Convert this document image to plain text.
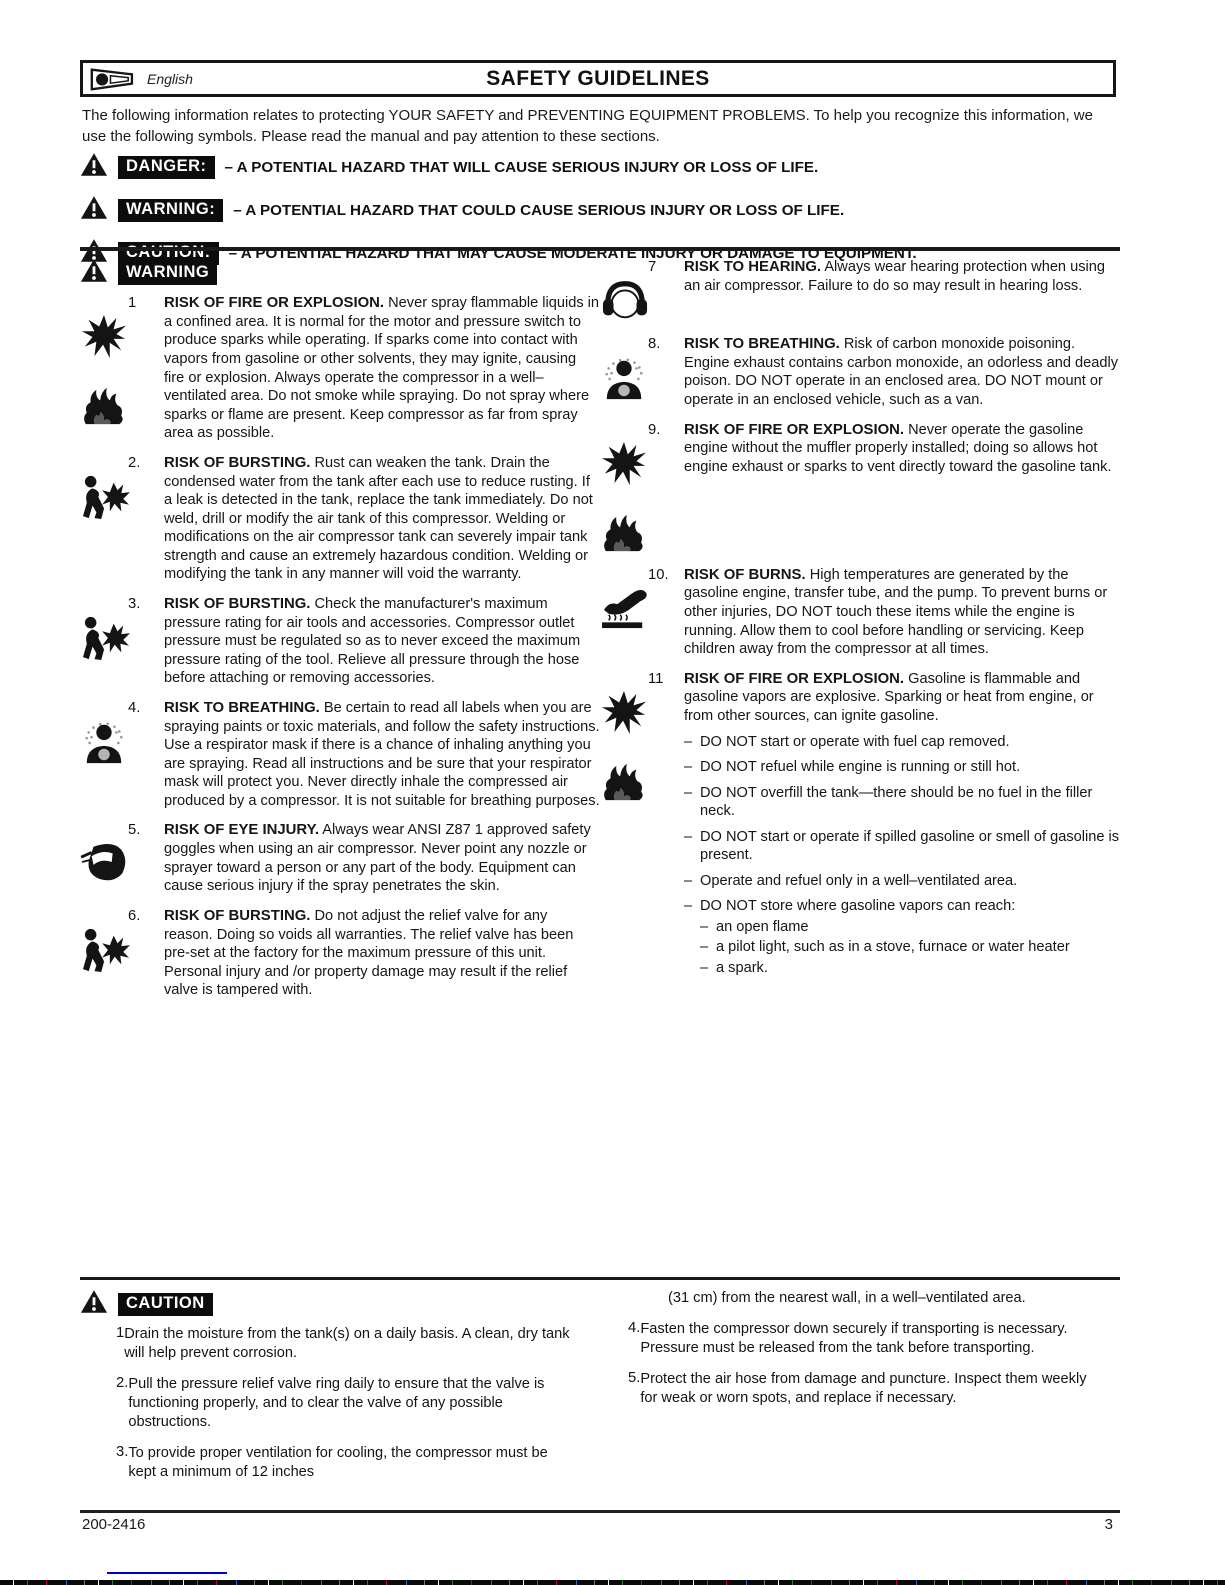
English	SAFETY GUIDELINES
The following information relates to protecting YOUR SAFETY and PREVENTING EQUIPMENT PROBLEMS. To help you recognize this information, we use the following symbols. Please read the manual and pay attention to these sections.
DANGER:	– A POTENTIAL HAZARD THAT WILL CAUSE SERIOUS INJURY OR LOSS OF LIFE.
WARNING:	– A POTENTIAL HAZARD THAT COULD CAUSE SERIOUS INJURY OR LOSS OF LIFE.
CAUTION:	– A POTENTIAL HAZARD THAT MAY CAUSE MODERATE INJURY OR DAMAGE TO EQUIPMENT.
WARNING
1	RISK OF FIRE OR EXPLOSION. Never spray flammable liquids in a confined area. It is normal for the motor and pressure switch to produce sparks while operating. If sparks come into contact with vapors from gasoline or other solvents, they may ignite, causing fire or explosion. Always operate the compressor in a well–ventilated area. Do not smoke while spraying. Do not spray where sparks or flame are present. Keep compressor as far from spray area as possible.
2.	RISK OF BURSTING. Rust can weaken the tank. Drain the condensed water from the tank after each use to reduce rusting. If a leak is detected in the tank, replace the tank immediately. Do not weld, drill or modify the air tank of this compressor. Welding or modifications on the air compressor tank can severely impair tank strength and cause an extremely hazardous condition. Welding or modifying the tank in any manner will void the warranty.
3.	RISK OF BURSTING. Check the manufacturer's maximum pressure rating for air tools and accessories. Compressor outlet pressure must be regulated so as to never exceed the maximum pressure rating of the tool. Relieve all pressure through the hose before attaching or removing accessories.
4.	RISK TO BREATHING. Be certain to read all labels when you are spraying paints or toxic materials, and follow the safety instructions. Use a respirator mask if there is a chance of inhaling anything you are spraying. Read all instructions and be sure that your respirator mask will protect you. Never directly inhale the compressed air produced by a compressor. It is not suitable for breathing purposes.
5.	RISK OF EYE INJURY. Always wear ANSI Z87 1 approved safety goggles when using an air compressor. Never point any nozzle or sprayer toward a person or any part of the body. Equipment can cause serious injury if the spray penetrates the skin.
6.	RISK OF BURSTING. Do not adjust the relief valve for any reason. Doing so voids all warranties. The relief valve has been pre-set at the factory for the maximum pressure of this unit. Personal injury and /or property damage may result if the relief valve is tampered with.
7	RISK TO HEARING. Always wear hearing protection when using an air compressor. Failure to do so may result in hearing loss.
8.	RISK TO BREATHING. Risk of carbon monoxide poisoning. Engine exhaust contains carbon monoxide, an odorless and deadly poison. DO NOT operate in an enclosed area. DO NOT mount or operate in an enclosed vehicle, such as a van.
9.	RISK OF FIRE OR EXPLOSION. Never operate the gasoline engine without the muffler properly installed; doing so allows hot engine exhaust or sparks to vent directly toward the gasoline tank.
10.	RISK OF BURNS. High temperatures are generated by the gasoline engine, transfer tube, and the pump. To prevent burns or other injuries, DO NOT touch these items while the engine is running. Allow them to cool before handling or servicing. Keep children away from the compressor at all times.
11	RISK OF FIRE OR EXPLOSION. Gasoline is flammable and gasoline vapors are explosive. Sparking or heat from engine, or from other sources, can ignite gasoline.
– DO NOT start or operate with fuel cap removed.
– DO NOT refuel while engine is running or still hot.
– DO NOT overfill the tank—there should be no fuel in the filler neck.
– DO NOT start or operate if spilled gasoline or smell of gasoline is present.
– Operate and refuel only in a well–ventilated area.
– DO NOT store where gasoline vapors can reach:
– an open flame
– a pilot light, such as in a stove, furnace or water heater
– a spark.
CAUTION
1 Drain the moisture from the tank(s) on a daily basis. A clean, dry tank will help prevent corrosion.
2. Pull the pressure relief valve ring daily to ensure that the valve is functioning properly, and to clear the valve of any possible obstructions.
3. To provide proper ventilation for cooling, the compressor must be kept a minimum of 12 inches
(31 cm) from the nearest wall, in a well–ventilated area.
4. Fasten the compressor down securely if transporting is necessary. Pressure must be released from the tank before transporting.
5. Protect the air hose from damage and puncture. Inspect them weekly for weak or worn spots, and replace if necessary.
200-2416	3
